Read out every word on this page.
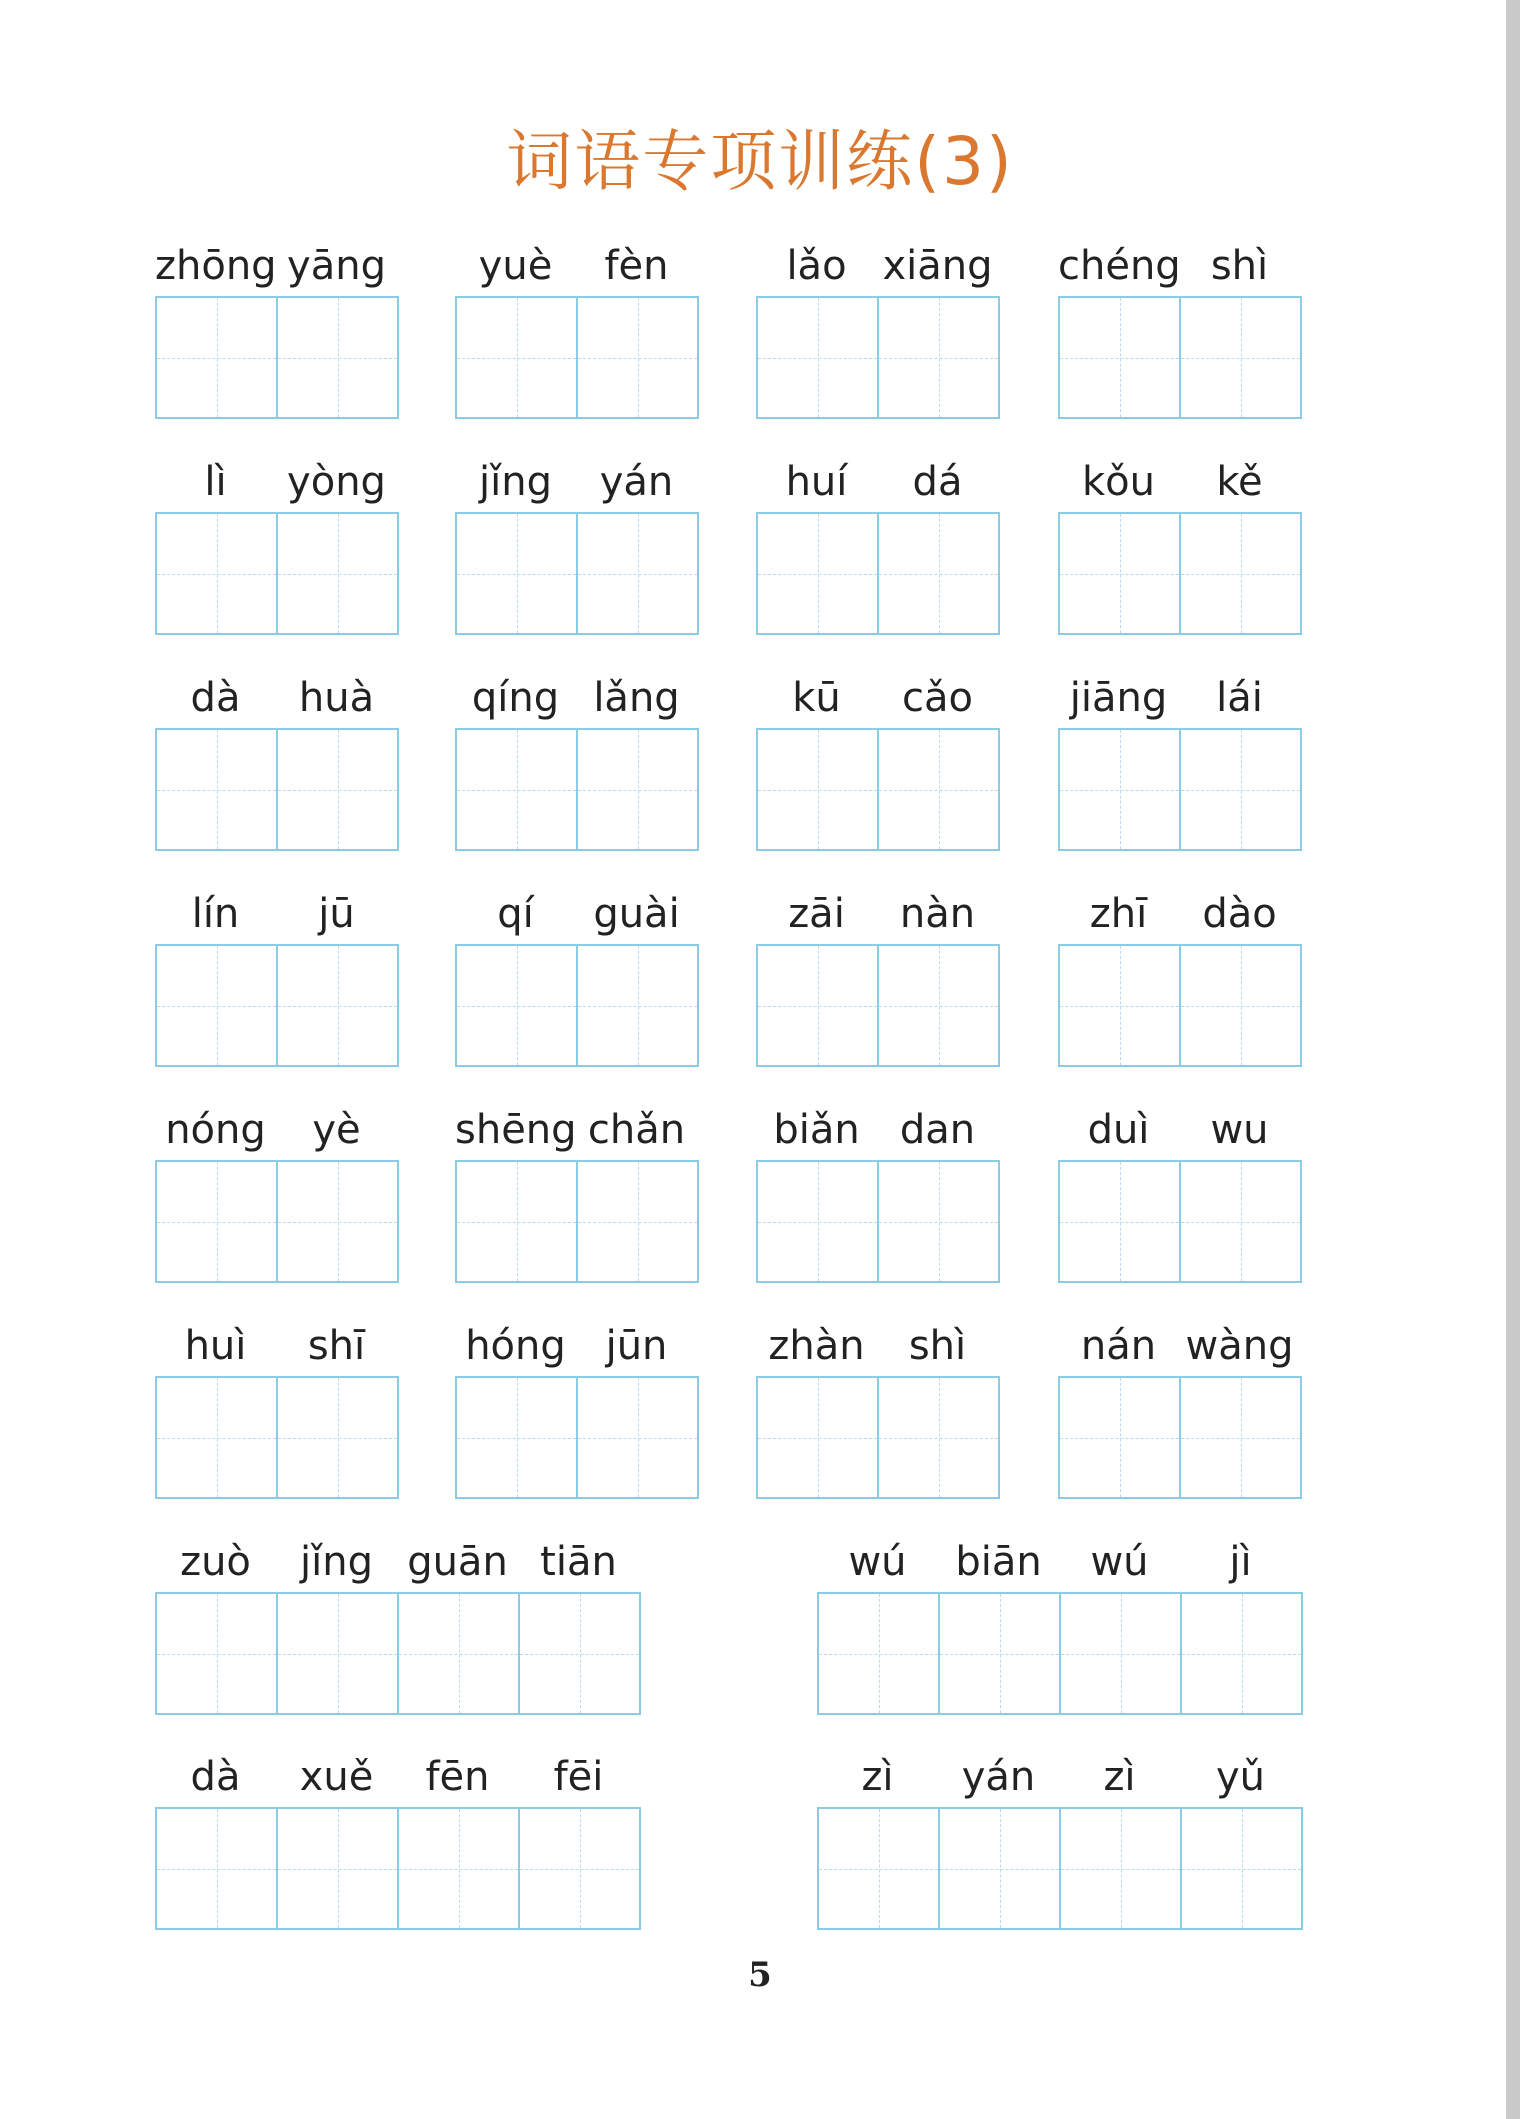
词语专项训练(3)
zhōng yāng	yuè	fèn	lǎo xiāng chéng shì
lì	yòng	jǐng	yán	huí	dá	kǒu	kě
dà	huà	qíng lǎng	kū	cǎo	jiāng	lái
lín	jū	qí	guài	zāi	nàn	zhī	dào
nóng	yè	shēng chǎn	biǎn	dan	duì	wu
huì	shī	hóng jūn	zhàn	shì	nán wàng
zuò	jǐng guān tiān	wú	biān	wú	jì
dà	xuě	fēn	fēi	zì	yán	zì	yǔ
5
